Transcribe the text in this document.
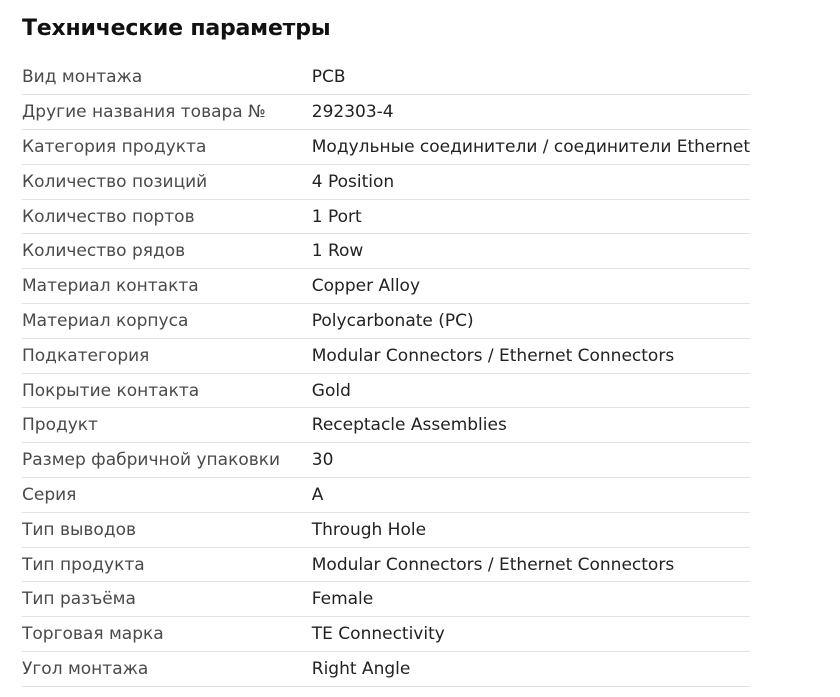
Технические параметры
Вид монтажа	PCB
Другие названия товара №	292303-4
Категория продукта	Модульные соединители / соединители Ethernet
Количество позиций	4 Position
Количество портов	1 Port
Количество рядов	1 Row
Материал контакта	Copper Alloy
Материал корпуса	Polycarbonate (PC)
Подкатегория	Modular Connectors / Ethernet Connectors
Покрытие контакта	Gold
Продукт	Receptacle Assemblies
Размер фабричной упаковки	30
Серия	A
Тип выводов	Through Hole
Тип продукта	Modular Connectors / Ethernet Connectors
Тип разъёма	Female
Торговая марка	TE Connectivity
Угол монтажа	Right Angle
